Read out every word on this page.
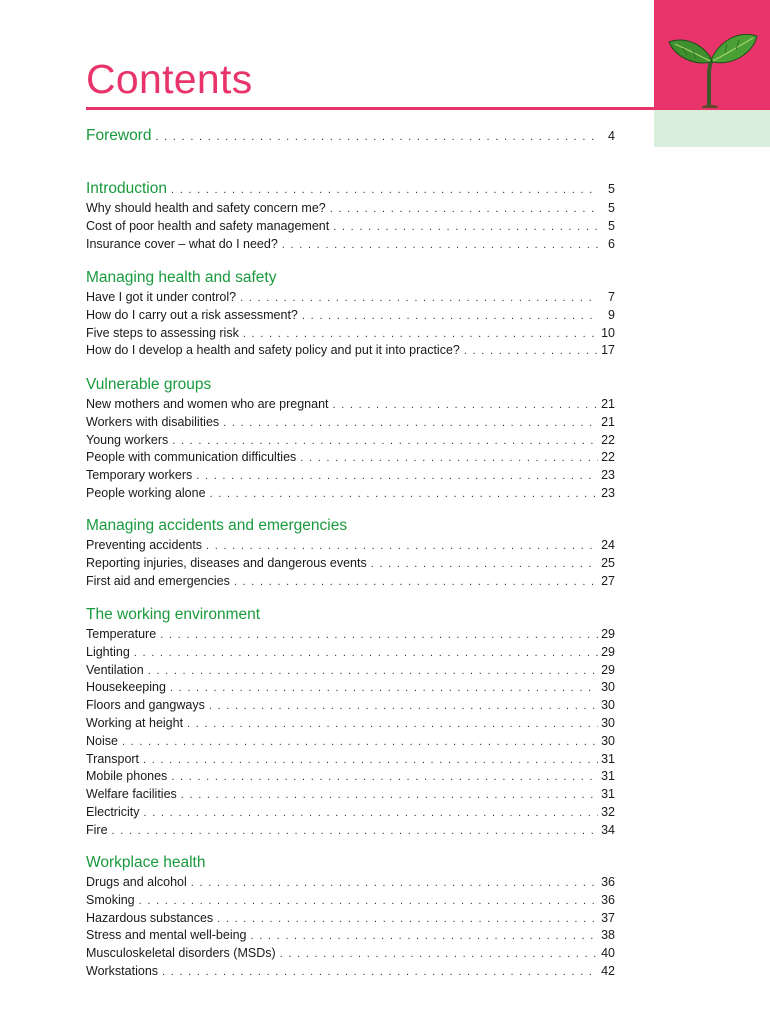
Contents
Foreword . . .	4
Introduction . . .	5
Why should health and safety concern me? . . .	5
Cost of poor health and safety management . . .	5
Insurance cover – what do I need? . . .	6
Managing health and safety
Have I got it under control? . . .	7
How do I carry out a risk assessment? . . .	9
Five steps to assessing risk . . .	10
How do I develop a health and safety policy and put it into practice? . . .	17
Vulnerable groups
New mothers and women who are pregnant . . .	21
Workers with disabilities . . .	21
Young workers . . .	22
People with communication difficulties . . .	22
Temporary workers . . .	23
People working alone . . .	23
Managing accidents and emergencies
Preventing accidents . . .	24
Reporting injuries, diseases and dangerous events . . .	25
First aid and emergencies . . .	27
The working environment
Temperature . . .	29
Lighting . . .	29
Ventilation . . .	29
Housekeeping . . .	30
Floors and gangways . . .	30
Working at height . . .	30
Noise . . .	30
Transport . . .	31
Mobile phones . . .	31
Welfare facilities . . .	31
Electricity . . .	32
Fire . . .	34
Workplace health
Drugs and alcohol . . .	36
Smoking . . .	36
Hazardous substances . . .	37
Stress and mental well-being . . .	38
Musculoskeletal disorders (MSDs) . . .	40
Workstations . . .	42
